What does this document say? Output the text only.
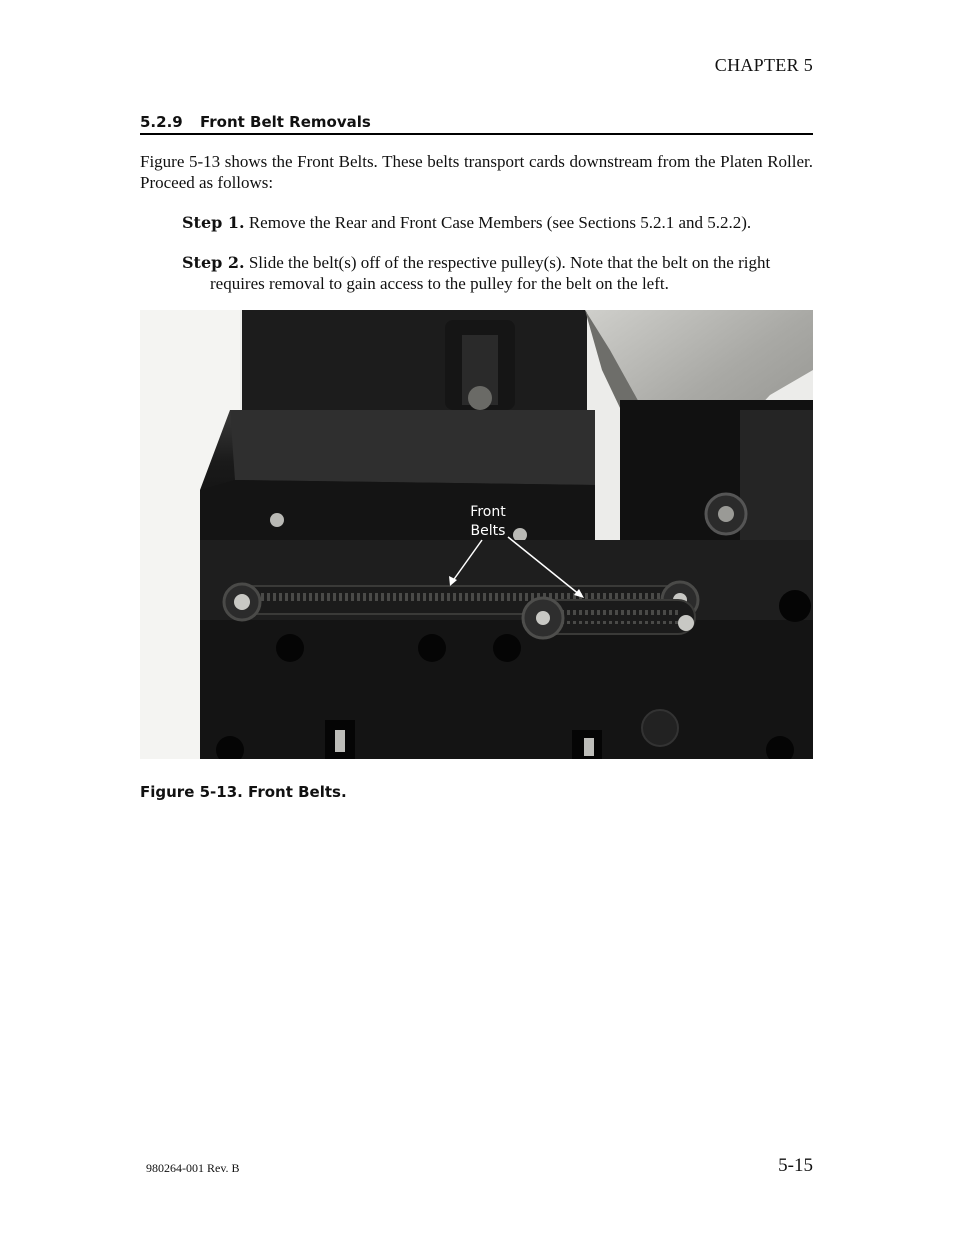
CHAPTER 5
5.2.9 Front Belt Removals
Figure 5-13 shows the Front Belts. These belts transport cards downstream from the Platen Roller. Proceed as follows:
Step 1. Remove the Rear and Front Case Members (see Sections 5.2.1 and 5.2.2).
Step 2. Slide the belt(s) off of the respective pulley(s). Note that the belt on the right
requires removal to gain access to the pulley for the belt on the left.
Front
Belts
Figure 5-13. Front Belts.
980264-001 Rev. B	5-15
